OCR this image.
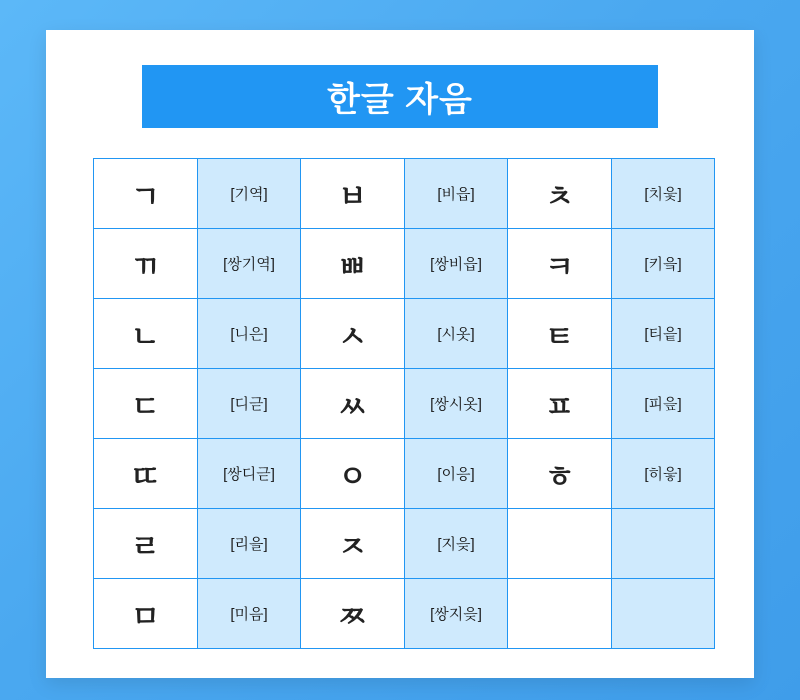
한글 자음
ㄱ	[기역]	ㅂ	[비읍]	ㅊ	[치읓]
ㄲ	[쌍기역]	ㅃ	[쌍비읍]	ㅋ	[키읔]
ㄴ	[니은]	ㅅ	[시옷]	ㅌ	[티읕]
ㄷ	[디귿]	ㅆ	[쌍시옷]	ㅍ	[피읖]
ㄸ	[쌍디귿]	ㅇ	[이응]	ㅎ	[히읗]
ㄹ	[리을]	ㅈ	[지읒]		
ㅁ	[미음]	ㅉ	[쌍지읒]		
